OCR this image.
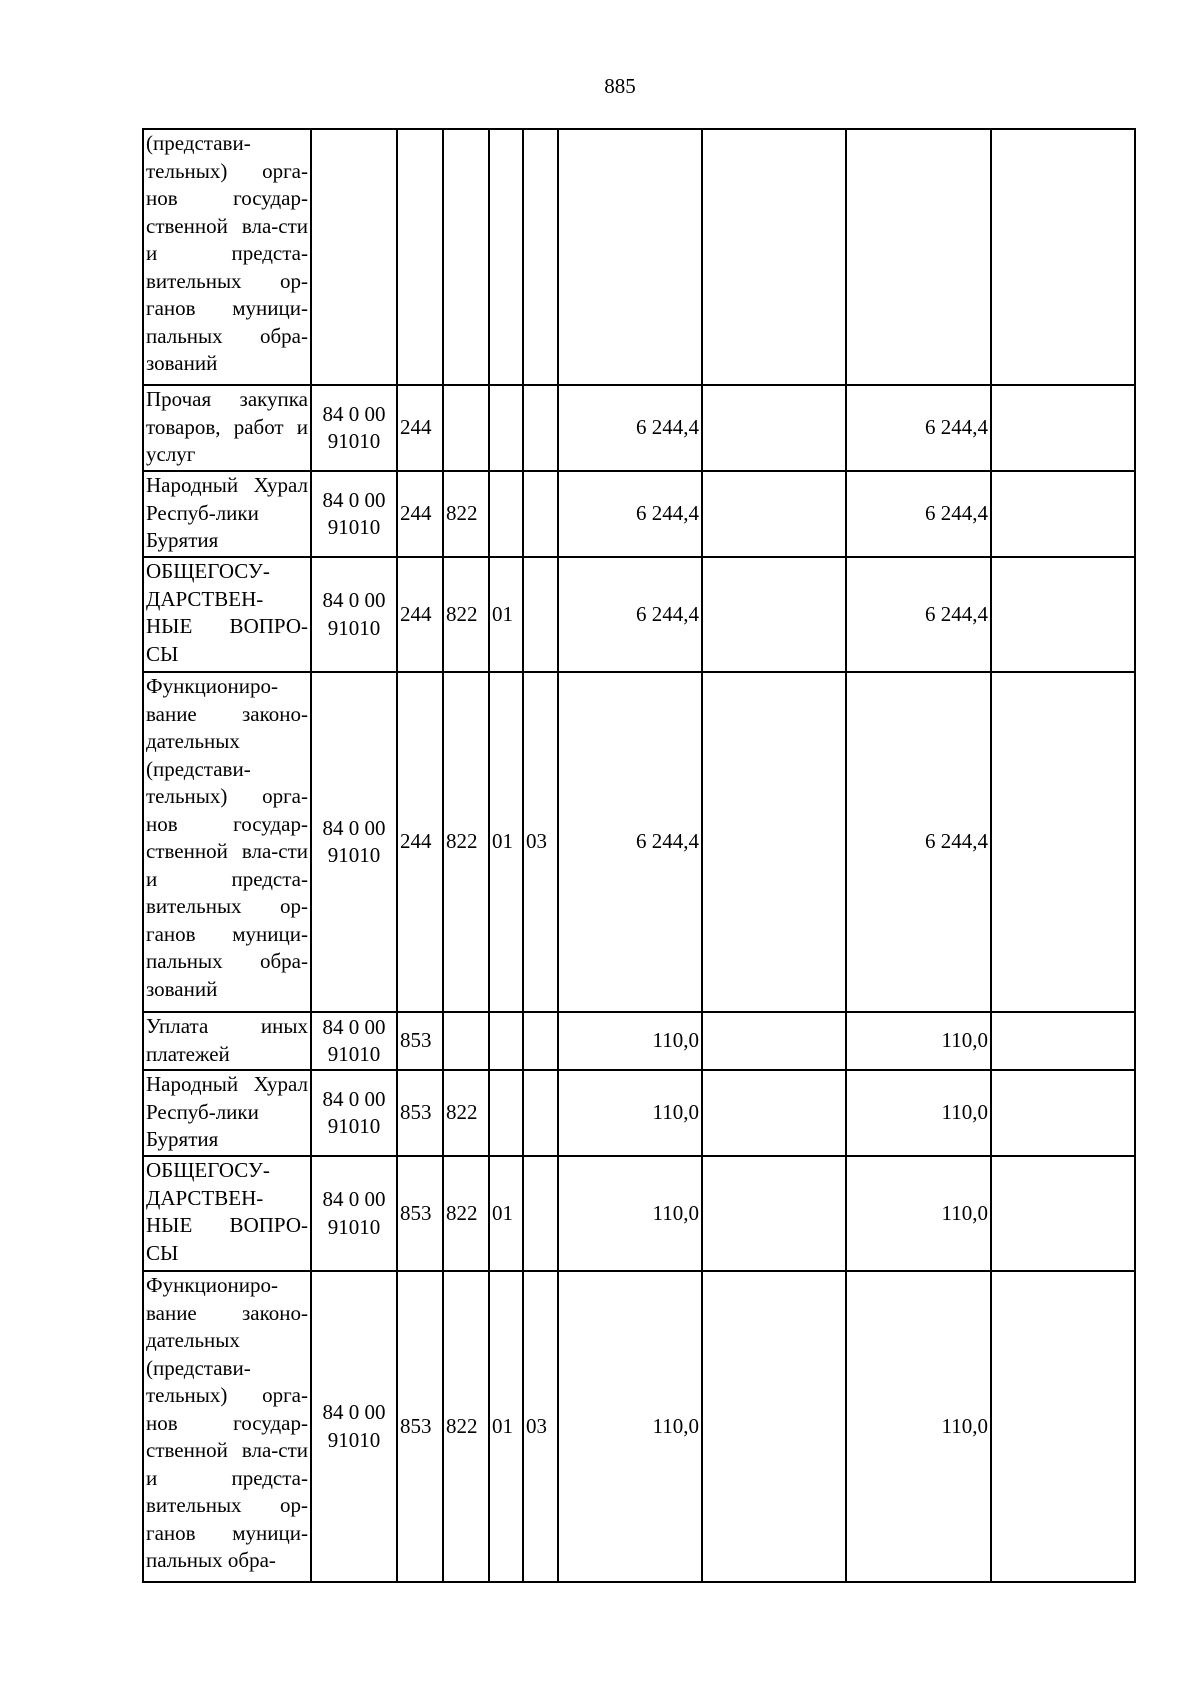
885
(представи-тельных) орга-нов государ-ственной вла-сти и предста-вительных ор-ганов муници-пальных обра-зований									
Прочая закупка товаров, работ и услуг	84 0 00 91010	244				6 244,4		6 244,4	
Народный Хурал Респуб-лики Бурятия	84 0 00 91010	244	822			6 244,4		6 244,4	
ОБЩЕГОСУ-ДАРСТВЕН-НЫЕ ВОПРО-СЫ	84 0 00 91010	244	822	01		6 244,4		6 244,4	
Функциониро-вание законо-дательных (представи-тельных) орга-нов государ-ственной вла-сти и предста-вительных ор-ганов муници-пальных обра-зований	84 0 00 91010	244	822	01	03	6 244,4		6 244,4	
Уплата иных платежей	84 0 00 91010	853				110,0		110,0	
Народный Хурал Респуб-лики Бурятия	84 0 00 91010	853	822			110,0		110,0	
ОБЩЕГОСУ-ДАРСТВЕН-НЫЕ ВОПРО-СЫ	84 0 00 91010	853	822	01		110,0		110,0	
Функциониро-вание законо-дательных (представи-тельных) орга-нов государ-ственной вла-сти и предста-вительных ор-ганов муници-пальных обра-	84 0 00 91010	853	822	01	03	110,0		110,0	
